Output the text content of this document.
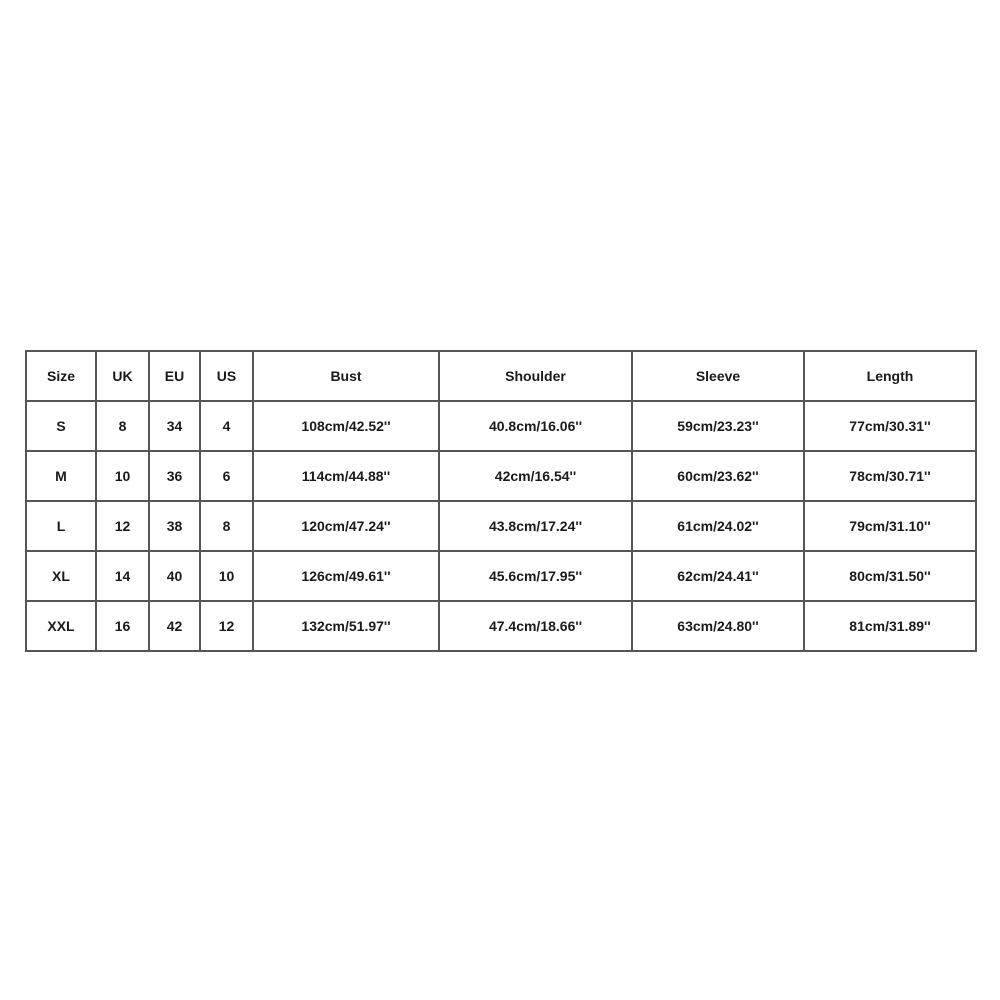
Size	UK	EU	US	Bust	Shoulder	Sleeve	Length
S	8	34	4	108cm/42.52''	40.8cm/16.06''	59cm/23.23''	77cm/30.31''
M	10	36	6	114cm/44.88''	42cm/16.54''	60cm/23.62''	78cm/30.71''
L	12	38	8	120cm/47.24''	43.8cm/17.24''	61cm/24.02''	79cm/31.10''
XL	14	40	10	126cm/49.61''	45.6cm/17.95''	62cm/24.41''	80cm/31.50''
XXL	16	42	12	132cm/51.97''	47.4cm/18.66''	63cm/24.80''	81cm/31.89''
